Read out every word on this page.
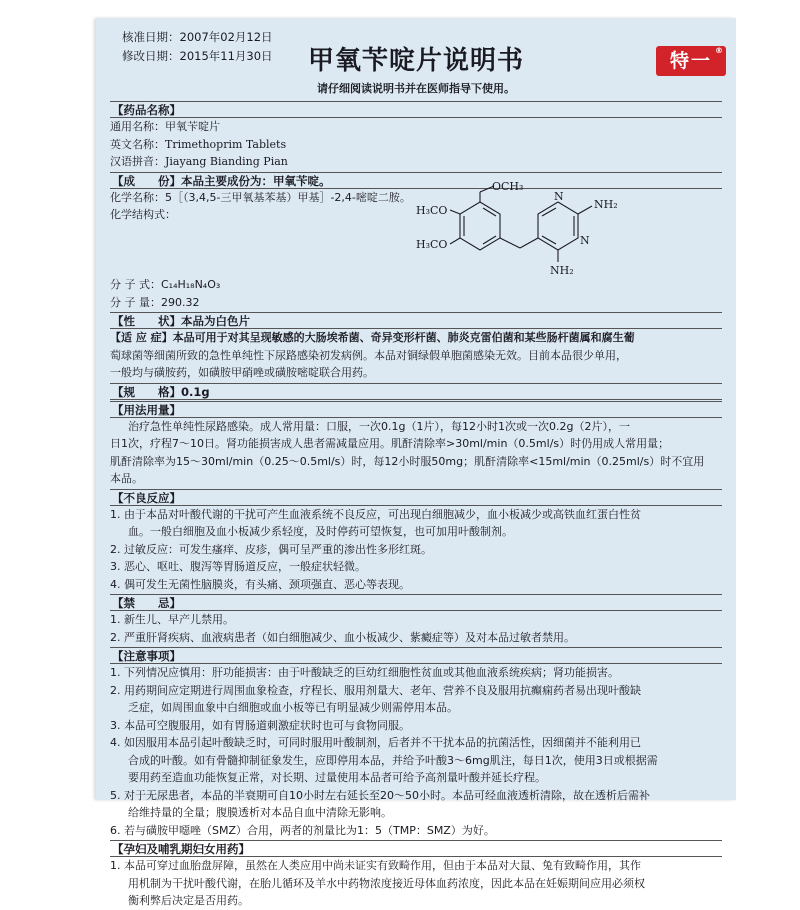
核准日期：2007年02月12日
修改日期：2015年11月30日	甲氧苄啶片说明书	特一 ®
请仔细阅读说明书并在医师指导下使用。
【药品名称】
通用名称：甲氧苄啶片
英文名称：Trimethoprim Tablets
汉语拼音：Jiayang Bianding Pian
【成　　份】本品主要成份为：甲氧苄啶。
化学名称：5［（3,4,5-三甲氧基苯基）甲基］-2,4-嘧啶二胺。
化学结构式：
OCH₃
H₃CO
H₃CO
NH₂
NH₂
N
N
分 子 式：C₁₄H₁₈N₄O₃
分 子 量：290.32
【性　　状】本品为白色片
【适 应 症】本品可用于对其呈现敏感的大肠埃希菌、奇异变形杆菌、肺炎克雷伯菌和某些肠杆菌属和腐生葡
萄球菌等细菌所致的急性单纯性下尿路感染初发病例。本品对铜绿假单胞菌感染无效。目前本品很少单用，
一般均与磺胺药，如磺胺甲硝唑或磺胺嘧啶联合用药。
【规　　格】0.1g
【用法用量】
治疗急性单纯性尿路感染。成人常用量：口服，一次0.1g（1片），每12小时1次或一次0.2g（2片），一
日1次，疗程7～10日。肾功能损害成人患者需减量应用。肌酐清除率>30ml/min（0.5ml/s）时仍用成人常用量；
肌酐清除率为15～30ml/min（0.25～0.5ml/s）时，每12小时服50mg；肌酐清除率<15ml/min（0.25ml/s）时不宜用
本品。
【不良反应】
1. 由于本品对叶酸代谢的干扰可产生血液系统不良反应，可出现白细胞减少，血小板减少或高铁血红蛋白性贫
血。一般白细胞及血小板减少系轻度，及时停药可望恢复，也可加用叶酸制剂。
2. 过敏反应：可发生瘙痒、皮疹，偶可呈严重的渗出性多形红斑。
3. 恶心、呕吐、腹泻等胃肠道反应，一般症状轻微。
4. 偶可发生无菌性脑膜炎，有头痛、颈项强直、恶心等表现。
【禁　　忌】
1. 新生儿、早产儿禁用。
2. 严重肝肾疾病、血液病患者（如白细胞减少、血小板减少、紫癜症等）及对本品过敏者禁用。
【注意事项】
1. 下列情况应慎用：肝功能损害：由于叶酸缺乏的巨幼红细胞性贫血或其他血液系统疾病；肾功能损害。
2. 用药期间应定期进行周围血象检查，疗程长、服用剂量大、老年、营养不良及服用抗癫痫药者易出现叶酸缺
乏症，如周围血象中白细胞或血小板等已有明显减少则需停用本品。
3. 本品可空腹服用，如有胃肠道刺激症状时也可与食物同服。
4. 如因服用本品引起叶酸缺乏时，可同时服用叶酸制剂，后者并不干扰本品的抗菌活性，因细菌并不能利用已
合成的叶酸。如有骨髓抑制征象发生，应即停用本品，并给予叶酸3～6mg肌注，每日1次，使用3日或根据需
要用药至造血功能恢复正常，对长期、过量使用本品者可给予高剂量叶酸并延长疗程。
5. 对于无尿患者，本品的半衰期可自10小时左右延长至20～50小时。本品可经血液透析清除，故在透析后需补
给维持量的全量；腹膜透析对本品自血中清除无影响。
6. 若与磺胺甲噁唑（SMZ）合用，两者的剂量比为1：5（TMP：SMZ）为好。
【孕妇及哺乳期妇女用药】
1. 本品可穿过血胎盘屏障，虽然在人类应用中尚未证实有致畸作用，但由于本品对大鼠、兔有致畸作用，其作
用机制为干扰叶酸代谢，在胎儿循环及羊水中药物浓度接近母体血药浓度，因此本品在妊娠期间应用必须权
衡利弊后决定是否用药。
